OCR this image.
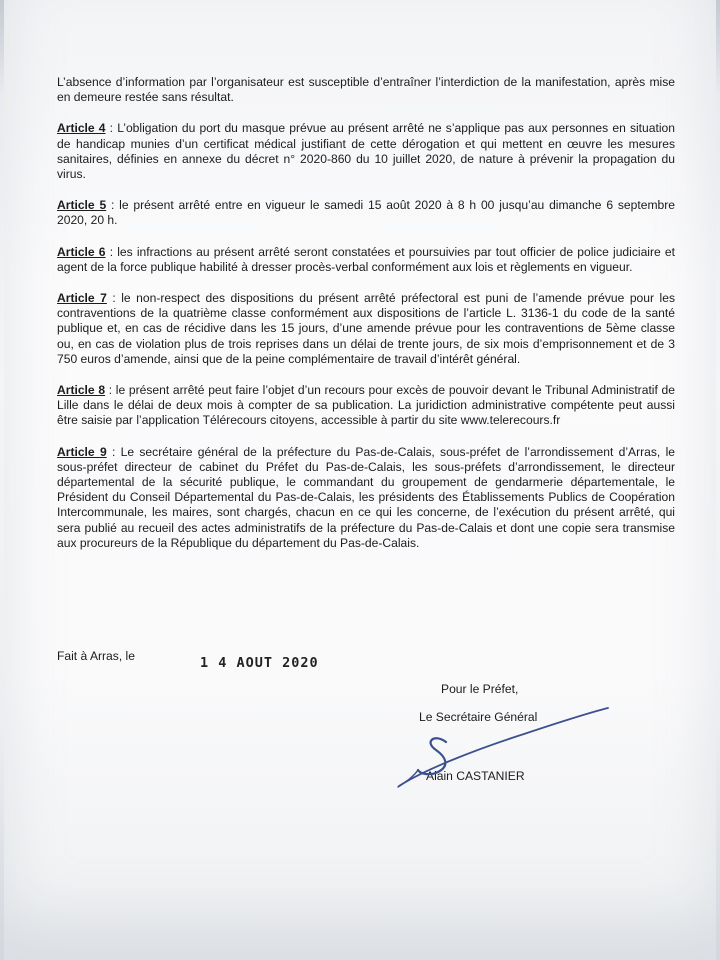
L’absence d’information par l’organisateur est susceptible d’entraîner l’interdiction de la manifestation, après mise en demeure restée sans résultat.

Article 4 : L’obligation du port du masque prévue au présent arrêté ne s’applique pas aux personnes en situation de handicap munies d’un certificat médical justifiant de cette dérogation et qui mettent en œuvre les mesures sanitaires, définies en annexe du décret n° 2020-860 du 10 juillet 2020, de nature à prévenir la propagation du virus.

Article 5 : le présent arrêté entre en vigueur le samedi 15 août 2020 à 8 h 00 jusqu’au dimanche 6 septembre 2020, 20 h.

Article 6 : les infractions au présent arrêté seront constatées et poursuivies par tout officier de police judiciaire et agent de la force publique habilité à dresser procès-verbal conformément aux lois et règlements en vigueur.

Article 7 : le non-respect des dispositions du présent arrêté préfectoral est puni de l’amende prévue pour les contraventions de la quatrième classe conformément aux dispositions de l’article L. 3136-1 du code de la santé publique et, en cas de récidive dans les 15 jours, d’une amende prévue pour les contraventions de 5ème classe ou, en cas de violation plus de trois reprises dans un délai de trente jours, de six mois d’emprisonnement et de 3 750 euros d’amende, ainsi que de la peine complémentaire de travail d’intérêt général.

Article 8 : le présent arrêté peut faire l’objet d’un recours pour excès de pouvoir devant le Tribunal Administratif de Lille dans le délai de deux mois à compter de sa publication. La juridiction administrative compétente peut aussi être saisie par l’application Télérecours citoyens, accessible à partir du site www.telerecours.fr

Article 9 : Le secrétaire général de la préfecture du Pas-de-Calais, sous-préfet de l’arrondissement d’Arras, le sous-préfet directeur de cabinet du Préfet du Pas-de-Calais, les sous-préfets d’arrondissement, le directeur départemental de la sécurité publique, le commandant du groupement de gendarmerie départementale, le Président du Conseil Départemental du Pas-de-Calais, les présidents des Établissements Publics de Coopération Intercommunale, les maires, sont chargés, chacun en ce qui les concerne, de l’exécution du présent arrêté, qui sera publié au recueil des actes administratifs de la préfecture du Pas-de-Calais et dont une copie sera transmise aux procureurs de la République du département du Pas-de-Calais.

Fait à Arras, le	1 4 AOUT 2020
Pour le Préfet,
Le Secrétaire Général
Alain CASTANIER
